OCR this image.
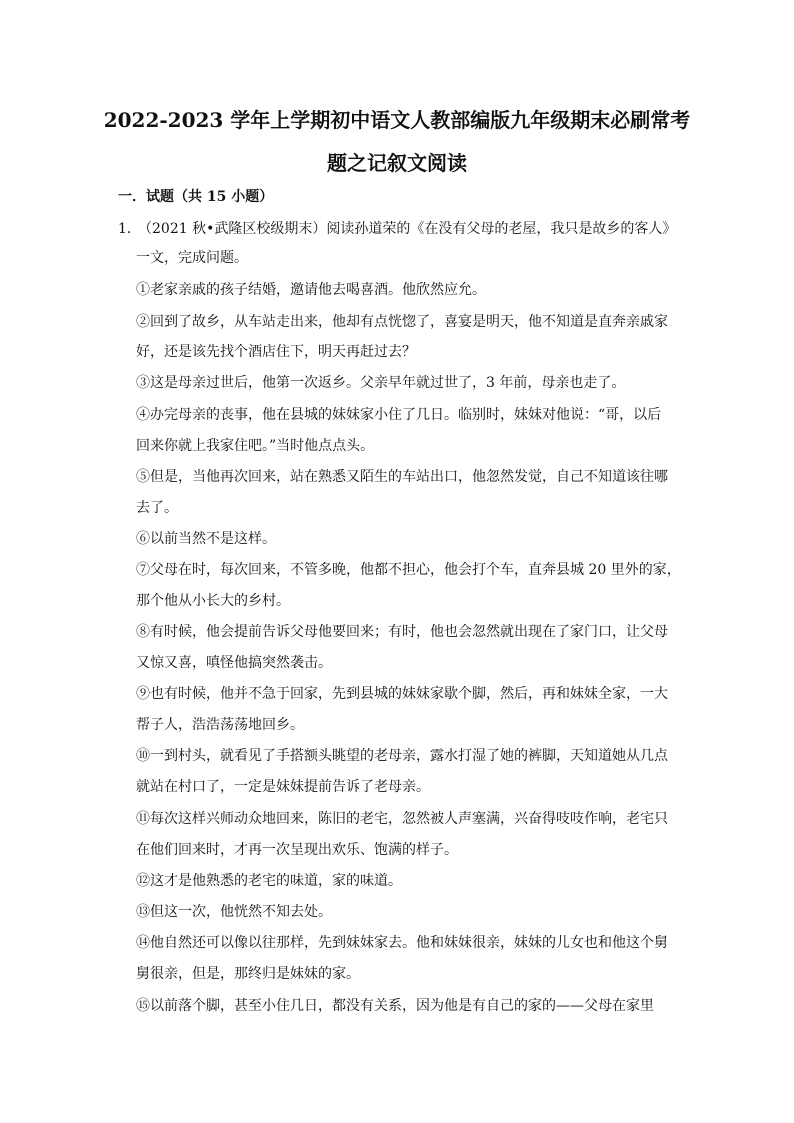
2022-2023 学年上学期初中语文人教部编版九年级期末必刷常考
题之记叙文阅读
一．试题（共 15 小题）
1．（2021 秋•武隆区校级期末）阅读孙道荣的《在没有父母的老屋，我只是故乡的客人》
一文，完成问题。
①老家亲戚的孩子结婚，邀请他去喝喜酒。他欣然应允。
②回到了故乡，从车站走出来，他却有点恍惚了，喜宴是明天，他不知道是直奔亲戚家
好，还是该先找个酒店住下，明天再赶过去？
③这是母亲过世后，他第一次返乡。父亲早年就过世了，3 年前，母亲也走了。
④办完母亲的丧事，他在县城的妹妹家小住了几日。临别时，妹妹对他说：“哥，以后
回来你就上我家住吧。”当时他点点头。
⑤但是，当他再次回来，站在熟悉又陌生的车站出口，他忽然发觉，自己不知道该往哪
去了。
⑥以前当然不是这样。
⑦父母在时，每次回来，不管多晚，他都不担心，他会打个车，直奔县城 20 里外的家，
那个他从小长大的乡村。
⑧有时候，他会提前告诉父母他要回来；有时，他也会忽然就出现在了家门口，让父母
又惊又喜，嗔怪他搞突然袭击。
⑨也有时候，他并不急于回家，先到县城的妹妹家歇个脚，然后，再和妹妹全家，一大
帮子人，浩浩荡荡地回乡。
⑩一到村头，就看见了手搭额头眺望的老母亲，露水打湿了她的裤脚，天知道她从几点
就站在村口了，一定是妹妹提前告诉了老母亲。
⑪每次这样兴师动众地回来，陈旧的老宅，忽然被人声塞满，兴奋得吱吱作响，老宅只
在他们回来时，才再一次呈现出欢乐、饱满的样子。
⑫这才是他熟悉的老宅的味道，家的味道。
⑬但这一次，他恍然不知去处。
⑭他自然还可以像以往那样，先到妹妹家去。他和妹妹很亲，妹妹的儿女也和他这个舅
舅很亲，但是，那终归是妹妹的家。
⑮以前落个脚，甚至小住几日，都没有关系，因为他是有自己的家的——父母在家里
